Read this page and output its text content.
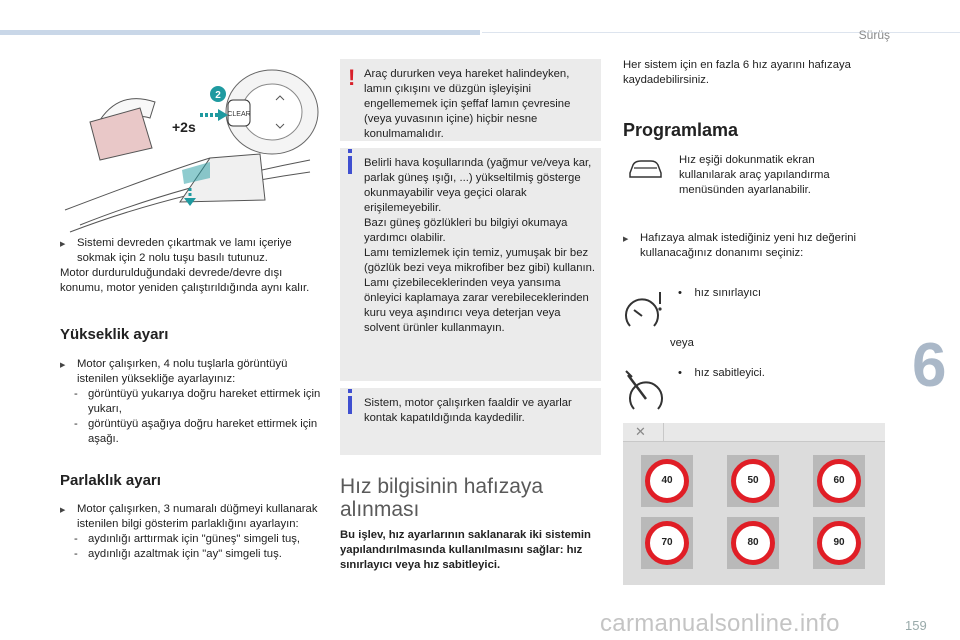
Sürüş
CLEAR
2
+2s
▶ Sistemi devreden çıkartmak ve lamı içeriye sokmak için 2 nolu tuşu basılı tutunuz.
Motor durdurulduğundaki devrede/devre dışı konumu, motor yeniden çalıştırıldığında aynı kalır.
Yükseklik ayarı
▶ Motor çalışırken, 4 nolu tuşlarla görüntüyü istenilen yüksekliğe ayarlayınız:
- görüntüyü yukarıya doğru hareket ettirmek için yukarı,
- görüntüyü aşağıya doğru hareket ettirmek için aşağı.
Parlaklık ayarı
▶ Motor çalışırken, 3 numaralı düğmeyi kullanarak istenilen bilgi gösterim parlaklığını ayarlayın:
- aydınlığı arttırmak için "güneş" simgeli tuş,
- aydınlığı azaltmak için "ay" simgeli tuş.
! Araç dururken veya hareket halindeyken, lamın çıkışını ve düzgün işleyişini engellememek için şeffaf lamın çevresine (veya yuvasının içine) hiçbir nesne konulmamalıdır.
Belirli hava koşullarında (yağmur ve/veya kar, parlak güneş ışığı, ...) yükseltilmiş gösterge okunmayabilir veya geçici olarak erişilemeyebilir.
Bazı güneş gözlükleri bu bilgiyi okumaya yardımcı olabilir.
Lamı temizlemek için temiz, yumuşak bir bez (gözlük bezi veya mikrofiber bez gibi) kullanın. Lamı çizebileceklerinden veya yansıma önleyici kaplamaya zarar verebileceklerinden kuru veya aşındırıcı veya deterjan veya solvent ürünler kullanmayın.
Sistem, motor çalışırken faaldir ve ayarlar kontak kapatıldığında kaydedilir.
Hız bilgisinin hafızaya alınması
Bu işlev, hız ayarlarının saklanarak iki sistemin yapılandırılmasında kullanılmasını sağlar: hız sınırlayıcı veya hız sabitleyici.
Her sistem için en fazla 6 hız ayarını hafızaya kaydadebilirsiniz.
Programlama
Hız eşiği dokunmatik ekran kullanılarak araç yapılandırma menüsünden ayarlanabilir.
▶ Hafızaya almak istediğiniz yeni hız değerini kullanacağınız donanımı seçiniz:
•    hız sınırlayıcı
veya
•    hız sabitleyici.
✕
40	50	60
70	80	90
6
carmanualsonline.info	159
